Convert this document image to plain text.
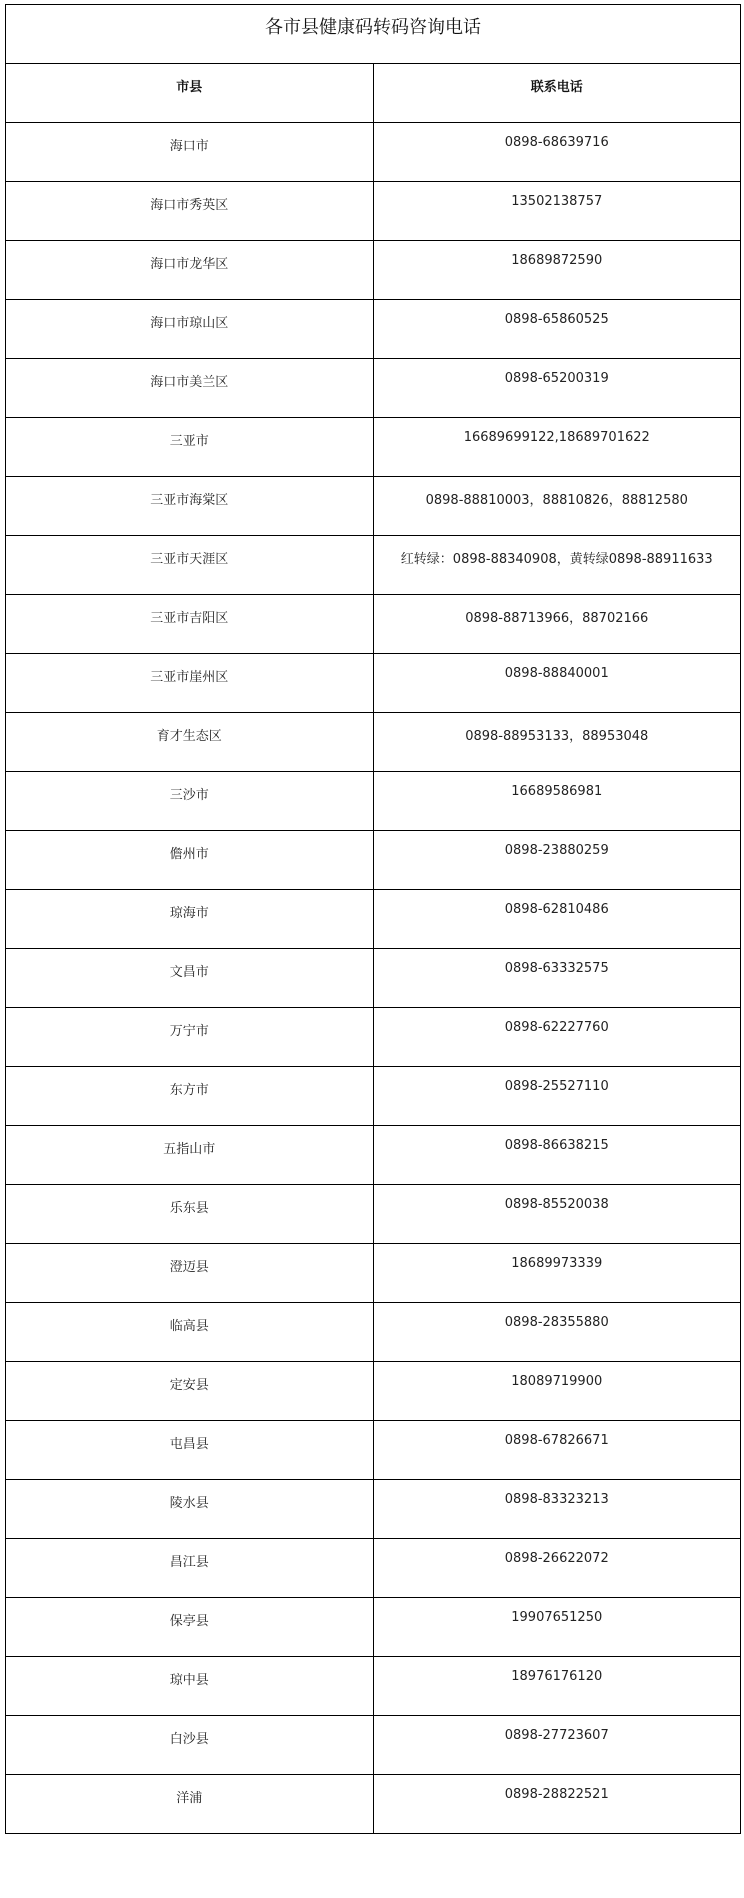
各市县健康码转码咨询电话	
市县	联系电话
海口市	0898-68639716
海口市秀英区	13502138757
海口市龙华区	18689872590
海口市琼山区	0898-65860525
海口市美兰区	0898-65200319
三亚市	16689699122,18689701622
三亚市海棠区	0898-88810003，88810826，88812580
三亚市天涯区	红转绿：0898-88340908，黄转绿0898-88911633
三亚市吉阳区	0898-88713966，88702166
三亚市崖州区	0898-88840001
育才生态区	0898-88953133，88953048
三沙市	16689586981
儋州市	0898-23880259
琼海市	0898-62810486
文昌市	0898-63332575
万宁市	0898-62227760
东方市	0898-25527110
五指山市	0898-86638215
乐东县	0898-85520038
澄迈县	18689973339
临高县	0898-28355880
定安县	18089719900
屯昌县	0898-67826671
陵水县	0898-83323213
昌江县	0898-26622072
保亭县	19907651250
琼中县	18976176120
白沙县	0898-27723607
洋浦	0898-28822521
